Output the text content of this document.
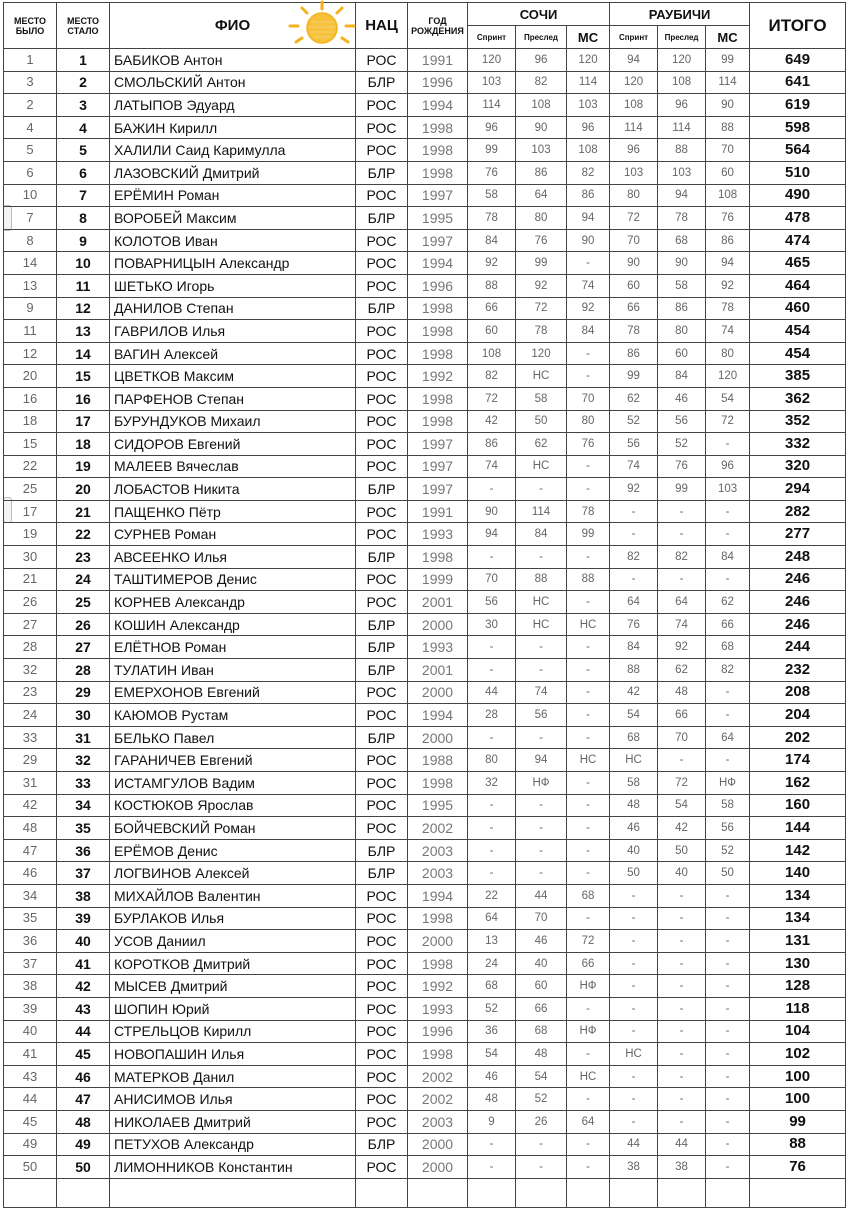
МЕСТО БЫЛО	МЕСТО СТАЛО	ФИО	НАЦ	ГОД РОЖДЕНИЯ	СОЧИ			РАУБИЧИ			ИТОГО
					Спринт	Преслед	МС	Спринт	Преслед	МС	
1	1	БАБИКОВ Антон	РОС	1991	120	96	120	94	120	99	649
3	2	СМОЛЬСКИЙ Антон	БЛР	1996	103	82	114	120	108	114	641
2	3	ЛАТЫПОВ Эдуард	РОС	1994	114	108	103	108	96	90	619
4	4	БАЖИН Кирилл	РОС	1998	96	90	96	114	114	88	598
5	5	ХАЛИЛИ Саид Каримулла	РОС	1998	99	103	108	96	88	70	564
6	6	ЛАЗОВСКИЙ Дмитрий	БЛР	1998	76	86	82	103	103	60	510
10	7	ЕРЁМИН Роман	РОС	1997	58	64	86	80	94	108	490
7	8	ВОРОБЕЙ Максим	БЛР	1995	78	80	94	72	78	76	478
8	9	КОЛОТОВ Иван	РОС	1997	84	76	90	70	68	86	474
14	10	ПОВАРНИЦЫН Александр	РОС	1994	92	99	-	90	90	94	465
13	11	ШЕТЬКО Игорь	РОС	1996	88	92	74	60	58	92	464
9	12	ДАНИЛОВ Степан	БЛР	1998	66	72	92	66	86	78	460
11	13	ГАВРИЛОВ Илья	РОС	1998	60	78	84	78	80	74	454
12	14	ВАГИН Алексей	РОС	1998	108	120	-	86	60	80	454
20	15	ЦВЕТКОВ Максим	РОС	1992	82	НС	-	99	84	120	385
16	16	ПАРФЕНОВ Степан	РОС	1998	72	58	70	62	46	54	362
18	17	БУРУНДУКОВ Михаил	РОС	1998	42	50	80	52	56	72	352
15	18	СИДОРОВ Евгений	РОС	1997	86	62	76	56	52	-	332
22	19	МАЛЕЕВ Вячеслав	РОС	1997	74	НС	-	74	76	96	320
25	20	ЛОБАСТОВ Никита	БЛР	1997	-	-	-	92	99	103	294
17	21	ПАЩЕНКО Пётр	РОС	1991	90	114	78	-	-	-	282
19	22	СУРНЕВ Роман	РОС	1993	94	84	99	-	-	-	277
30	23	АВСЕЕНКО Илья	БЛР	1998	-	-	-	82	82	84	248
21	24	ТАШТИМЕРОВ Денис	РОС	1999	70	88	88	-	-	-	246
26	25	КОРНЕВ Александр	РОС	2001	56	НС	-	64	64	62	246
27	26	КОШИН Александр	БЛР	2000	30	НС	НС	76	74	66	246
28	27	ЕЛЁТНОВ Роман	БЛР	1993	-	-	-	84	92	68	244
32	28	ТУЛАТИН Иван	БЛР	2001	-	-	-	88	62	82	232
23	29	ЕМЕРХОНОВ Евгений	РОС	2000	44	74	-	42	48	-	208
24	30	КАЮМОВ Рустам	РОС	1994	28	56	-	54	66	-	204
33	31	БЕЛЬКО Павел	БЛР	2000	-	-	-	68	70	64	202
29	32	ГАРАНИЧЕВ Евгений	РОС	1988	80	94	НС	НС	-	-	174
31	33	ИСТАМГУЛОВ Вадим	РОС	1998	32	НФ	-	58	72	НФ	162
42	34	КОСТЮКОВ Ярослав	РОС	1995	-	-	-	48	54	58	160
48	35	БОЙЧЕВСКИЙ Роман	РОС	2002	-	-	-	46	42	56	144
47	36	ЕРЁМОВ Денис	БЛР	2003	-	-	-	40	50	52	142
46	37	ЛОГВИНОВ Алексей	БЛР	2003	-	-	-	50	40	50	140
34	38	МИХАЙЛОВ Валентин	РОС	1994	22	44	68	-	-	-	134
35	39	БУРЛАКОВ Илья	РОС	1998	64	70	-	-	-	-	134
36	40	УСОВ Даниил	РОС	2000	13	46	72	-	-	-	131
37	41	КОРОТКОВ Дмитрий	РОС	1998	24	40	66	-	-	-	130
38	42	МЫСЕВ Дмитрий	РОС	1992	68	60	НФ	-	-	-	128
39	43	ШОПИН Юрий	РОС	1993	52	66	-	-	-	-	118
40	44	СТРЕЛЬЦОВ Кирилл	РОС	1996	36	68	НФ	-	-	-	104
41	45	НОВОПАШИН Илья	РОС	1998	54	48	-	НС	-	-	102
43	46	МАТЕРКОВ Данил	РОС	2002	46	54	НС	-	-	-	100
44	47	АНИСИМОВ Илья	РОС	2002	48	52	-	-	-	-	100
45	48	НИКОЛАЕВ Дмитрий	РОС	2003	9	26	64	-	-	-	99
49	49	ПЕТУХОВ Александр	БЛР	2000	-	-	-	44	44	-	88
50	50	ЛИМОННИКОВ Константин	РОС	2000	-	-	-	38	38	-	76
